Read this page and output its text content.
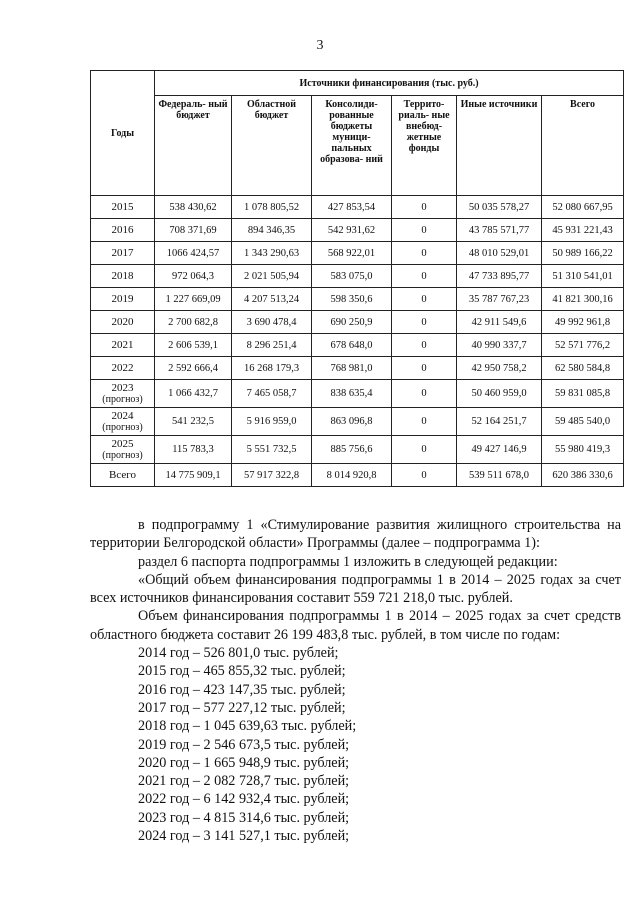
3
Годы	Источники финансирования (тыс. руб.)					
	Федераль- ный бюджет	Областной бюджет	Консолиди- рованные бюджеты муници- пальных образова- ний	Террито- риаль- ные внебюд- жетные фонды	Иные источники	Всего

2015	538 430,62	1 078 805,52	427 853,54	0	50 035 578,27	52 080 667,95

2016	708 371,69	894 346,35	542 931,62	0	43 785 571,77	45 931 221,43

2017	1066 424,57	1 343 290,63	568 922,01	0	48 010 529,01	50 989 166,22

2018	972 064,3	2 021 505,94	583 075,0	0	47 733 895,77	51 310 541,01

2019	1 227 669,09	4 207 513,24	598 350,6	0	35 787 767,23	41 821 300,16

2020	2 700 682,8	3 690 478,4	690 250,9	0	42 911 549,6	49 992 961,8

2021	2 606 539,1	8 296 251,4	678 648,0	0	40 990 337,7	52 571 776,2

2022	2 592 666,4	16 268 179,3	768 981,0	0	42 950 758,2	62 580 584,8

2023
(прогноз)	1 066 432,7	7 465 058,7	838 635,4	0	50 460 959,0	59 831 085,8

2024
(прогноз)	541 232,5	5 916 959,0	863 096,8	0	52 164 251,7	59 485 540,0

2025
(прогноз)	115 783,3	5 551 732,5	885 756,6	0	49 427 146,9	55 980 419,3

Всего	14 775 909,1	57 917 322,8	8 014 920,8	0	539 511 678,0	620 386 330,6

в подпрограмму 1 «Стимулирование развития жилищного строительства на территории Белгородской области» Программы (далее – подпрограмма 1):

раздел 6 паспорта подпрограммы 1 изложить в следующей редакции:

«Общий объем финансирования подпрограммы 1 в 2014 – 2025 годах за счет всех источников финансирования составит 559 721 218,0 тыс. рублей.

Объем финансирования подпрограммы 1 в 2014 – 2025 годах за счет средств областного бюджета составит 26 199 483,8 тыс. рублей, в том числе по годам:

2014 год – 526 801,0 тыс. рублей;

2015 год – 465 855,32 тыс. рублей;

2016 год – 423 147,35 тыс. рублей;

2017 год – 577 227,12 тыс. рублей;

2018 год – 1 045 639,63 тыс. рублей;

2019 год – 2 546 673,5 тыс. рублей;

2020 год – 1 665 948,9 тыс. рублей;

2021 год – 2 082 728,7 тыс. рублей;

2022 год – 6 142 932,4 тыс. рублей;

2023 год – 4 815 314,6 тыс. рублей;

2024 год – 3 141 527,1 тыс. рублей;
